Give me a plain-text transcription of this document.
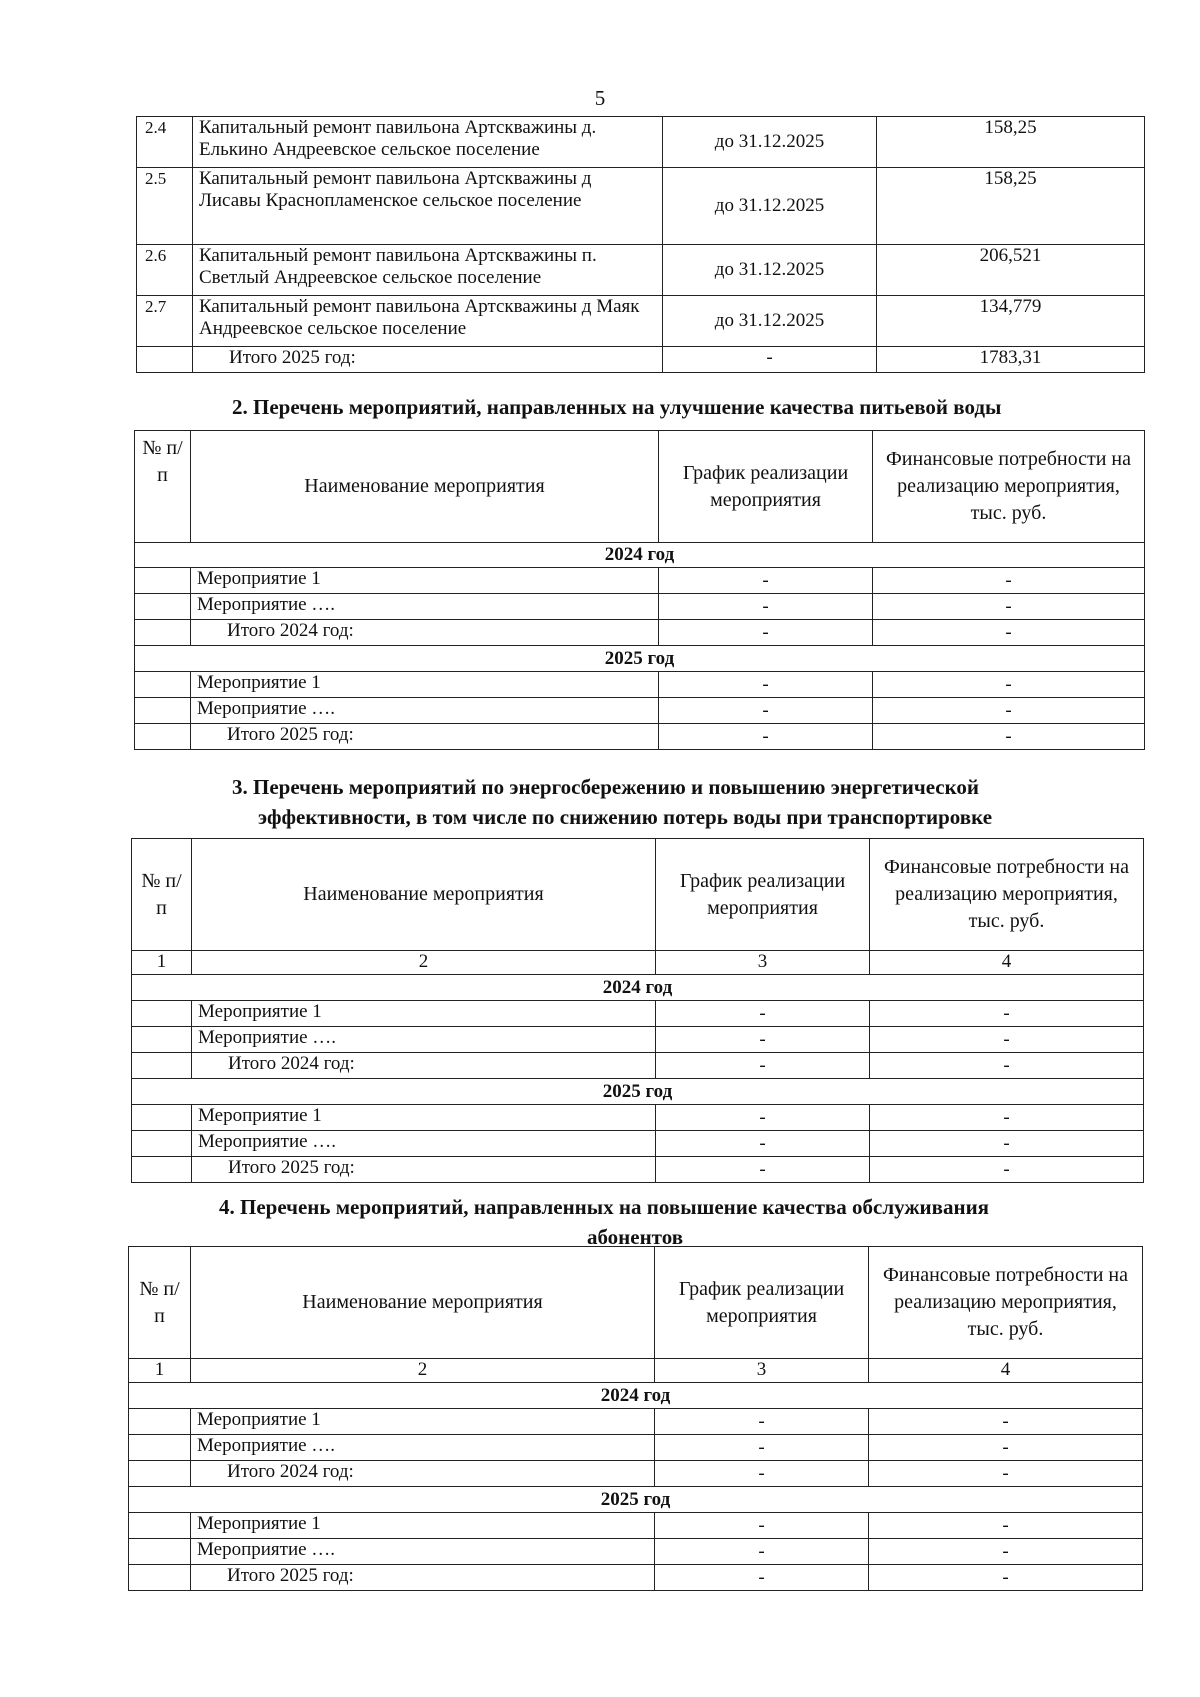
5
2.4	Капитальный ремонт павильона Артскважины д. Елькино Андреевское сельское поселение	до 31.12.2025	158,25
2.5	Капитальный ремонт павильона Артскважины д Лисавы Краснопламенское сельское поселение	до 31.12.2025	158,25
2.6	Капитальный ремонт павильона Артскважины п. Светлый Андреевское сельское поселение	до 31.12.2025	206,521
2.7	Капитальный ремонт павильона Артскважины д Маяк Андреевское сельское поселение	до 31.12.2025	134,779
	Итого 2025 год:	-	1783,31
2. Перечень мероприятий, направленных на улучшение качества питьевой воды
№ п/п	Наименование мероприятия	График реализации мероприятия	Финансовые потребности на реализацию мероприятия, тыс. руб.
2024 год			
	Мероприятие 1	-	-
	Мероприятие ….	-	-
	Итого 2024 год:	-	-
2025 год			
	Мероприятие 1	-	-
	Мероприятие ….	-	-
	Итого 2025 год:	-	-
3. Перечень мероприятий по энергосбережению и повышению энергетической
эффективности, в том числе по снижению потерь воды при транспортировке
№ п/п	Наименование мероприятия	График реализации мероприятия	Финансовые потребности на реализацию мероприятия, тыс. руб.
1	2	3	4
2024 год			
	Мероприятие 1	-	-
	Мероприятие ….	-	-
	Итого 2024 год:	-	-
2025 год			
	Мероприятие 1	-	-
	Мероприятие ….	-	-
	Итого 2025 год:	-	-
4. Перечень мероприятий, направленных на повышение качества обслуживания
абонентов
№ п/п	Наименование мероприятия	График реализации мероприятия	Финансовые потребности на реализацию мероприятия, тыс. руб.
1	2	3	4
2024 год			
	Мероприятие 1	-	-
	Мероприятие ….	-	-
	Итого 2024 год:	-	-
2025 год			
	Мероприятие 1	-	-
	Мероприятие ….	-	-
	Итого 2025 год:	-	-
